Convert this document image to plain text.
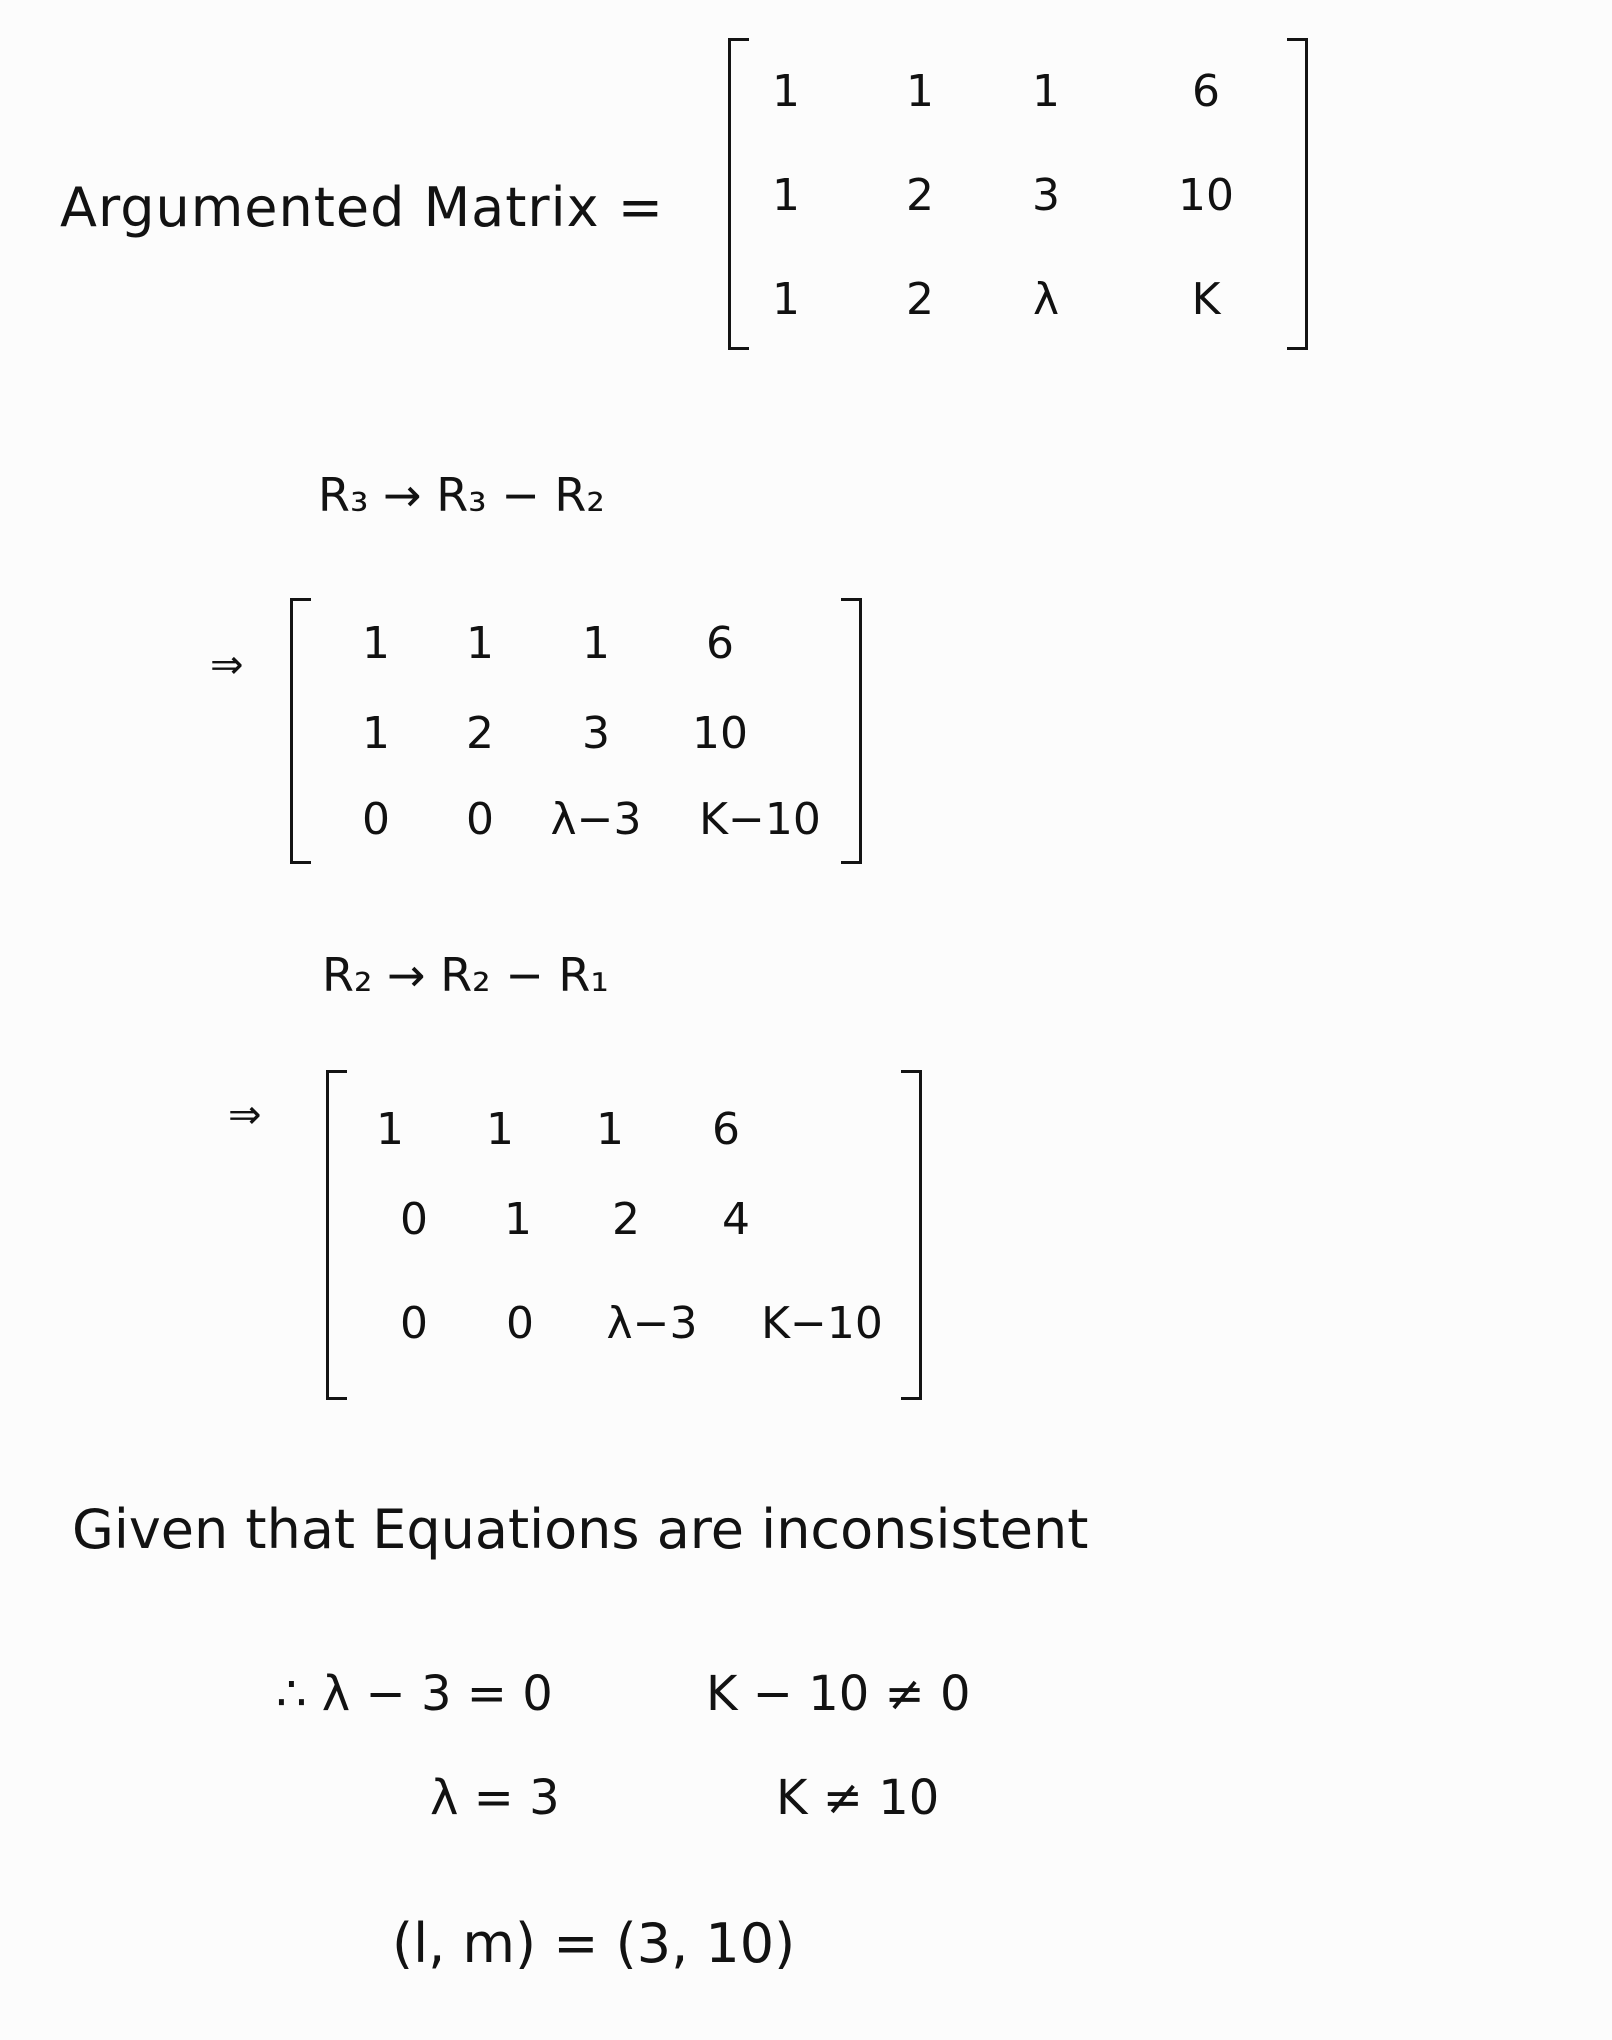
Argumented Matrix =
1 1 1	6
1 2 3	10
1 2 λ	K
R₃ → R₃ − R₂
⇒	1 1 1 6
1 2 3 10
0 0 λ−3 K−10
R₂ → R₂ − R₁
⇒	1 1 1 6
0 1 2 4
0 0 λ−3 K−10
Given that Equations are inconsistent
∴ λ − 3 = 0	K − 10 ≠ 0
λ = 3	K ≠ 10
(l, m) = (3, 10)
